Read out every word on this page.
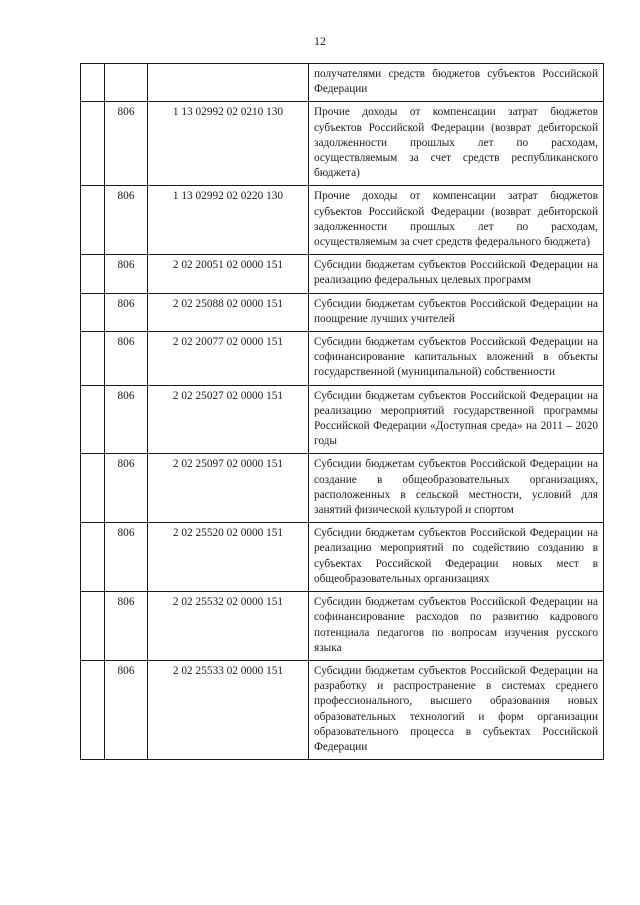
12
			получателями средств бюджетов субъектов Российской Федерации
	806	1 13 02992 02 0210 130	Прочие доходы от компенсации затрат бюджетов субъектов Российской Федерации (возврат дебиторской задолженности прошлых лет по расходам, осуществляемым за счет средств республиканского бюджета)
	806	1 13 02992 02 0220 130	Прочие доходы от компенсации затрат бюджетов субъектов Российской Федерации (возврат дебиторской задолженности прошлых лет по расходам, осуществляемым за счет средств федерального бюджета)
	806	2 02 20051 02 0000 151	Субсидии бюджетам субъектов Российской Федерации на реализацию федеральных целевых программ
	806	2 02 25088 02 0000 151	Субсидии бюджетам субъектов Российской Федерации на поощрение лучших учителей
	806	2 02 20077 02 0000 151	Субсидии бюджетам субъектов Российской Федерации на софинансирование капитальных вложений в объекты государственной (муниципальной) собственности
	806	2 02 25027 02 0000 151	Субсидии бюджетам субъектов Российской Федерации на реализацию мероприятий государственной программы Российской Федерации «Доступная среда» на 2011 – 2020 годы
	806	2 02 25097 02 0000 151	Субсидии бюджетам субъектов Российской Федерации на создание в общеобразовательных организациях, расположенных в сельской местности, условий для занятий физической культурой и спортом
	806	2 02 25520 02 0000 151	Субсидии бюджетам субъектов Российской Федерации на реализацию мероприятий по содействию созданию в субъектах Российской Федерации новых мест в общеобразовательных организациях
	806	2 02 25532 02 0000 151	Субсидии бюджетам субъектов Российской Федерации на софинансирование расходов по развитию кадрового потенциала педагогов по вопросам изучения русского языка
	806	2 02 25533 02 0000 151	Субсидии бюджетам субъектов Российской Федерации на разработку и распространение в системах среднего профессионального, высшего образования новых образовательных технологий и форм организации образовательного процесса в субъектах Российской Федерации
